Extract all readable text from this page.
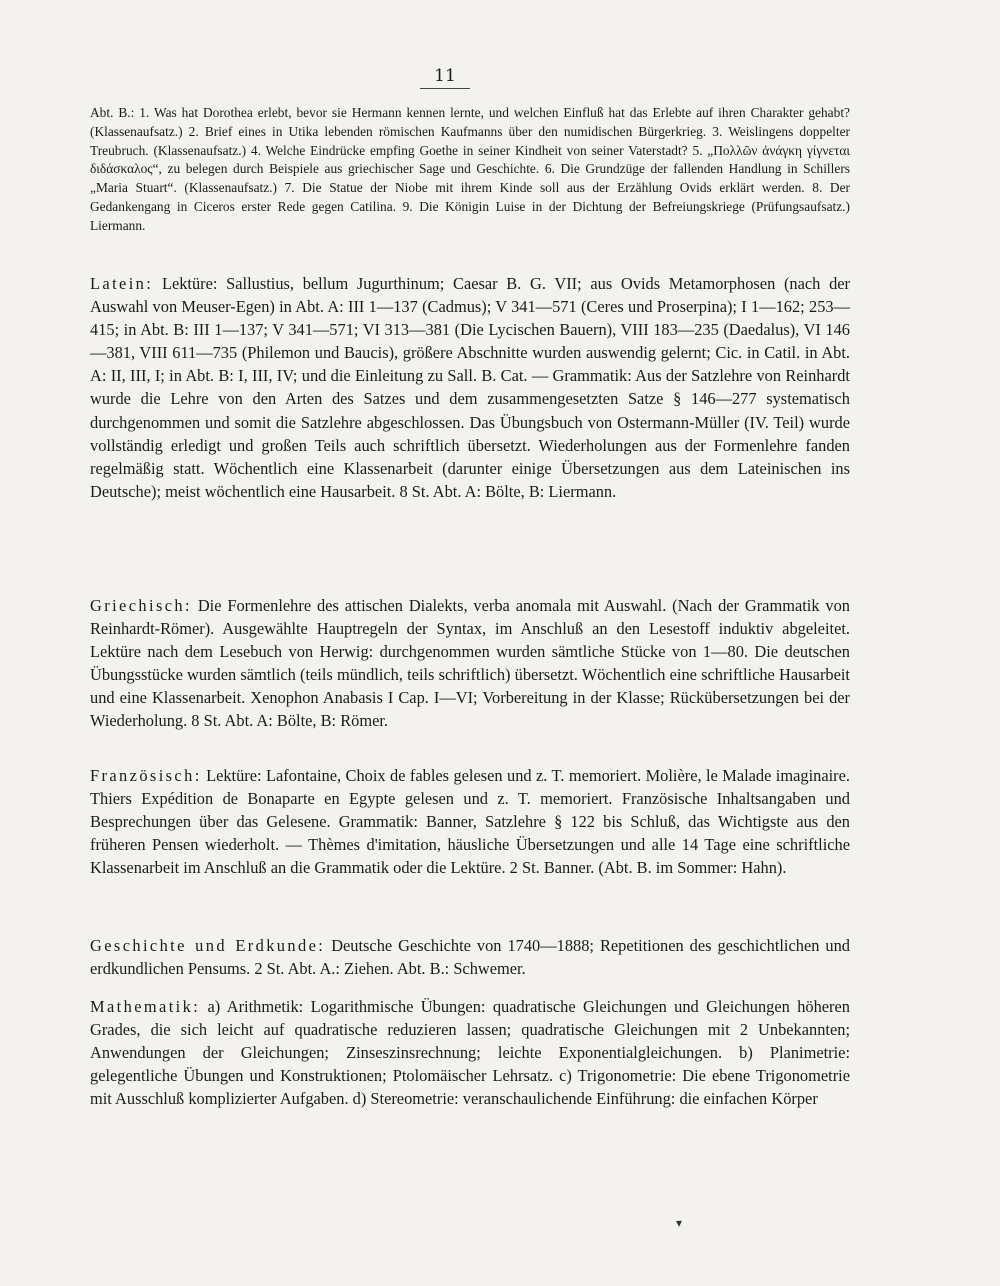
11
Abt. B.: 1. Was hat Dorothea erlebt, bevor sie Hermann kennen lernte, und welchen Einfluß hat das Erlebte auf ihren Charakter gehabt? (Klassenaufsatz.) 2. Brief eines in Utika lebenden römischen Kaufmanns über den numidischen Bürgerkrieg. 3. Weislingens doppelter Treubruch. (Klassenaufsatz.) 4. Welche Eindrücke empfing Goethe in seiner Kindheit von seiner Vaterstadt? 5. „Πολλῶν ἀνάγκη γίγνεται διδάσκαλος“, zu belegen durch Beispiele aus griechischer Sage und Geschichte. 6. Die Grundzüge der fallenden Handlung in Schillers „Maria Stuart“. (Klassenaufsatz.) 7. Die Statue der Niobe mit ihrem Kinde soll aus der Erzählung Ovids erklärt werden. 8. Der Gedankengang in Ciceros erster Rede gegen Catilina. 9. Die Königin Luise in der Dichtung der Befreiungskriege (Prüfungsaufsatz.) Liermann.
Latein: Lektüre: Sallustius, bellum Jugurthinum; Caesar B. G. VII; aus Ovids Metamorphosen (nach der Auswahl von Meuser-Egen) in Abt. A: III 1—137 (Cadmus); V 341—571 (Ceres und Proserpina); I 1—162; 253—415; in Abt. B: III 1—137; V 341—571; VI 313—381 (Die Lycischen Bauern), VIII 183—235 (Daedalus), VI 146—381, VIII 611—735 (Philemon und Baucis), größere Abschnitte wurden auswendig gelernt; Cic. in Catil. in Abt. A: II, III, I; in Abt. B: I, III, IV; und die Einleitung zu Sall. B. Cat. — Grammatik: Aus der Satzlehre von Reinhardt wurde die Lehre von den Arten des Satzes und dem zusammengesetzten Satze § 146—277 systematisch durchgenommen und somit die Satzlehre abgeschlossen. Das Übungsbuch von Ostermann-Müller (IV. Teil) wurde vollständig erledigt und großen Teils auch schriftlich übersetzt. Wiederholungen aus der Formenlehre fanden regelmäßig statt. Wöchentlich eine Klassenarbeit (darunter einige Übersetzungen aus dem Lateinischen ins Deutsche); meist wöchentlich eine Hausarbeit. 8 St. Abt. A: Bölte, B: Liermann.
Griechisch: Die Formenlehre des attischen Dialekts, verba anomala mit Auswahl. (Nach der Grammatik von Reinhardt-Römer). Ausgewählte Hauptregeln der Syntax, im Anschluß an den Lesestoff induktiv abgeleitet. Lektüre nach dem Lesebuch von Herwig: durchgenommen wurden sämtliche Stücke von 1—80. Die deutschen Übungsstücke wurden sämtlich (teils mündlich, teils schriftlich) übersetzt. Wöchentlich eine schriftliche Hausarbeit und eine Klassenarbeit. Xenophon Anabasis I Cap. I—VI; Vorbereitung in der Klasse; Rückübersetzungen bei der Wiederholung. 8 St. Abt. A: Bölte, B: Römer.
Französisch: Lektüre: Lafontaine, Choix de fables gelesen und z. T. memoriert. Molière, le Malade imaginaire. Thiers Expédition de Bonaparte en Egypte gelesen und z. T. memoriert. Französische Inhaltsangaben und Besprechungen über das Gelesene. Grammatik: Banner, Satzlehre § 122 bis Schluß, das Wichtigste aus den früheren Pensen wiederholt. — Thèmes d'imitation, häusliche Übersetzungen und alle 14 Tage eine schriftliche Klassenarbeit im Anschluß an die Grammatik oder die Lektüre. 2 St. Banner. (Abt. B. im Sommer: Hahn).
Geschichte und Erdkunde: Deutsche Geschichte von 1740—1888; Repetitionen des geschichtlichen und erdkundlichen Pensums. 2 St. Abt. A.: Ziehen. Abt. B.: Schwemer.
Mathematik: a) Arithmetik: Logarithmische Übungen: quadratische Gleichungen und Gleichungen höheren Grades, die sich leicht auf quadratische reduzieren lassen; quadratische Gleichungen mit 2 Unbekannten; Anwendungen der Gleichungen; Zinseszinsrechnung; leichte Exponentialgleichungen. b) Planimetrie: gelegentliche Übungen und Konstruktionen; Ptolomäischer Lehrsatz. c) Trigonometrie: Die ebene Trigonometrie mit Ausschluß komplizierter Aufgaben. d) Stereometrie: veranschaulichende Einführung: die einfachen Körper
▾
